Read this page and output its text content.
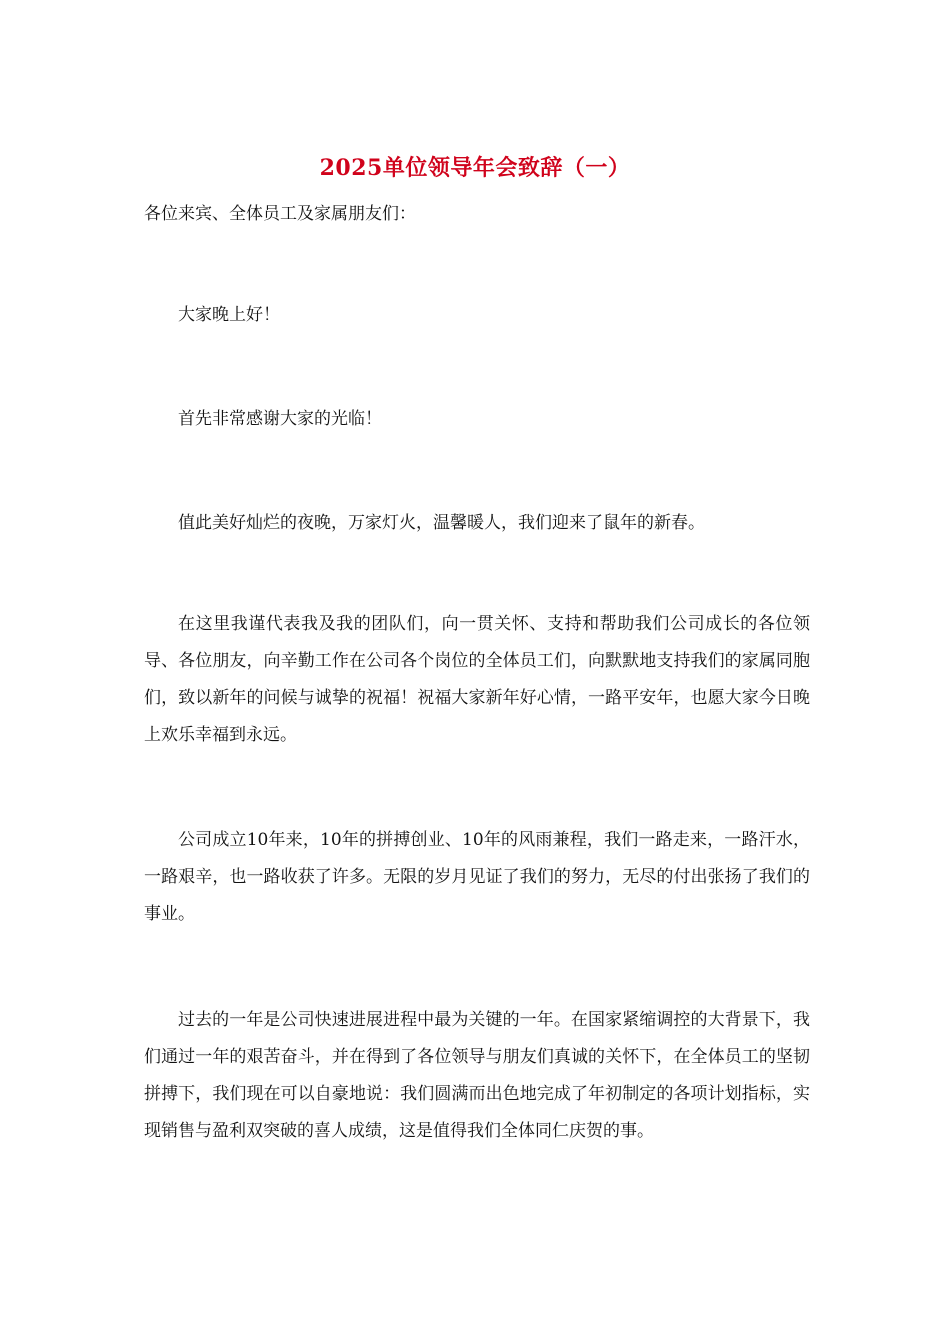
2025单位领导年会致辞（一）

各位来宾、全体员工及家属朋友们：

大家晚上好！

首先非常感谢大家的光临！

值此美好灿烂的夜晚，万家灯火，温馨暖人，我们迎来了鼠年的新春。

在这里我谨代表我及我的团队们，向一贯关怀、支持和帮助我们公司成长的各位领导、各位朋友，向辛勤工作在公司各个岗位的全体员工们，向默默地支持我们的家属同胞们，致以新年的问候与诚挚的祝福！祝福大家新年好心情，一路平安年，也愿大家今日晚上欢乐幸福到永远。

公司成立10年来，10年的拼搏创业、10年的风雨兼程，我们一路走来，一路汗水，一路艰辛，也一路收获了许多。无限的岁月见证了我们的努力，无尽的付出张扬了我们的事业。

过去的一年是公司快速进展进程中最为关键的一年。在国家紧缩调控的大背景下，我们通过一年的艰苦奋斗，并在得到了各位领导与朋友们真诚的关怀下，在全体员工的坚韧拼搏下，我们现在可以自豪地说：我们圆满而出色地完成了年初制定的各项计划指标，实现销售与盈利双突破的喜人成绩，这是值得我们全体同仁庆贺的事。
